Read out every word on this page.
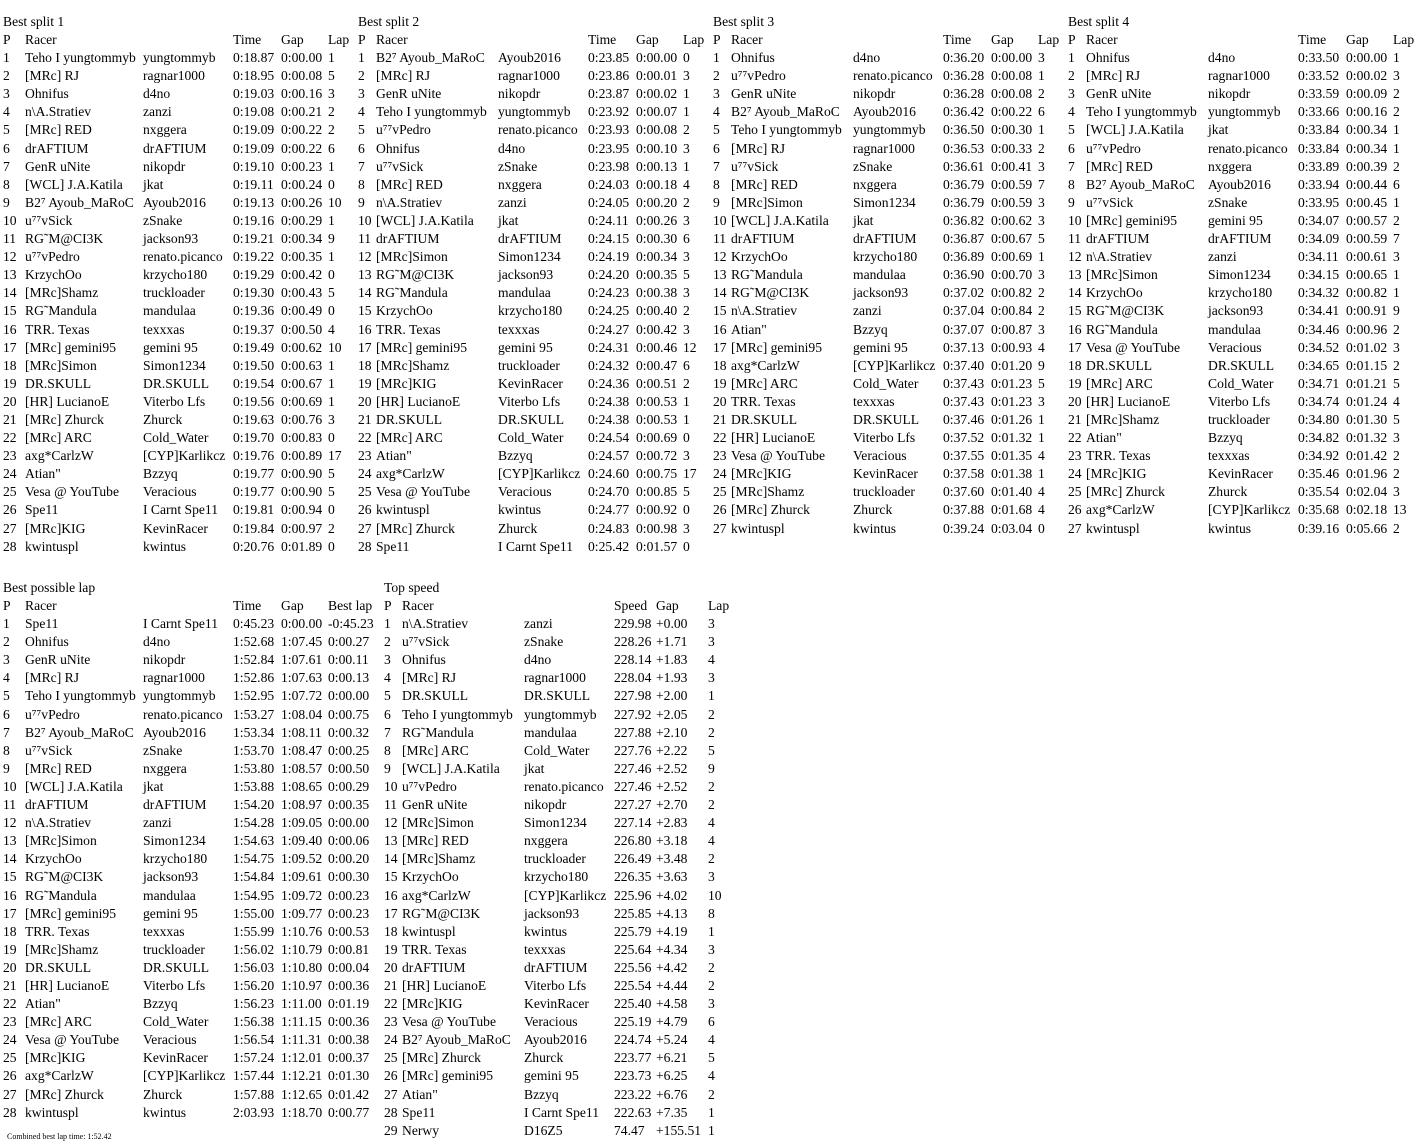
Best split 1
P	Racer		Time	Gap	Lap
1	Teho I yungtommyb	yungtommyb	0:18.87	0:00.00	1
2	[MRc] RJ	ragnar1000	0:18.95	0:00.08	5
3	Ohnifus	d4no	0:19.03	0:00.16	3
4	n\A.Stratiev	zanzi	0:19.08	0:00.21	2
5	[MRc] RED	nxggera	0:19.09	0:00.22	2
6	drAFTIUM	drAFTIUM	0:19.09	0:00.22	6
7	GenR uNite	nikopdr	0:19.10	0:00.23	1
8	[WCL] J.A.Katila	jkat	0:19.11	0:00.24	0
9	B2⁷ Ayoub_MaRoC	Ayoub2016	0:19.13	0:00.26	10
10	u⁷⁷vSick	zSnake	0:19.16	0:00.29	1
11	RG˜M@CI3K	jackson93	0:19.21	0:00.34	9
12	u⁷⁷vPedro	renato.picanco	0:19.22	0:00.35	1
13	KrzychOo	krzycho180	0:19.29	0:00.42	0
14	[MRc]Shamz	truckloader	0:19.30	0:00.43	5
15	RG˜Mandula	mandulaa	0:19.36	0:00.49	0
16	TRR. Texas	texxxas	0:19.37	0:00.50	4
17	[MRc] gemini95	gemini 95	0:19.49	0:00.62	10
18	[MRc]Simon	Simon1234	0:19.50	0:00.63	1
19	DR.SKULL	DR.SKULL	0:19.54	0:00.67	1
20	[HR] LucianoE	Viterbo Lfs	0:19.56	0:00.69	1
21	[MRc] Zhurck	Zhurck	0:19.63	0:00.76	3
22	[MRc] ARC	Cold_Water	0:19.70	0:00.83	0
23	axg*CarlzW	[CYP]Karlikcz	0:19.76	0:00.89	17
24	Atian"	Bzzyq	0:19.77	0:00.90	5
25	Vesa @ YouTube	Veracious	0:19.77	0:00.90	5
26	Spe11	I Carnt Spe11	0:19.81	0:00.94	0
27	[MRc]KIG	KevinRacer	0:19.84	0:00.97	2
28	kwintuspl	kwintus	0:20.76	0:01.89	0
Best split 2
P	Racer		Time	Gap	Lap
1	B2⁷ Ayoub_MaRoC	Ayoub2016	0:23.85	0:00.00	0
2	[MRc] RJ	ragnar1000	0:23.86	0:00.01	3
3	GenR uNite	nikopdr	0:23.87	0:00.02	1
4	Teho I yungtommyb	yungtommyb	0:23.92	0:00.07	1
5	u⁷⁷vPedro	renato.picanco	0:23.93	0:00.08	2
6	Ohnifus	d4no	0:23.95	0:00.10	3
7	u⁷⁷vSick	zSnake	0:23.98	0:00.13	1
8	[MRc] RED	nxggera	0:24.03	0:00.18	4
9	n\A.Stratiev	zanzi	0:24.05	0:00.20	2
10	[WCL] J.A.Katila	jkat	0:24.11	0:00.26	3
11	drAFTIUM	drAFTIUM	0:24.15	0:00.30	6
12	[MRc]Simon	Simon1234	0:24.19	0:00.34	3
13	RG˜M@CI3K	jackson93	0:24.20	0:00.35	5
14	RG˜Mandula	mandulaa	0:24.23	0:00.38	3
15	KrzychOo	krzycho180	0:24.25	0:00.40	2
16	TRR. Texas	texxxas	0:24.27	0:00.42	3
17	[MRc] gemini95	gemini 95	0:24.31	0:00.46	12
18	[MRc]Shamz	truckloader	0:24.32	0:00.47	6
19	[MRc]KIG	KevinRacer	0:24.36	0:00.51	2
20	[HR] LucianoE	Viterbo Lfs	0:24.38	0:00.53	1
21	DR.SKULL	DR.SKULL	0:24.38	0:00.53	1
22	[MRc] ARC	Cold_Water	0:24.54	0:00.69	0
23	Atian"	Bzzyq	0:24.57	0:00.72	3
24	axg*CarlzW	[CYP]Karlikcz	0:24.60	0:00.75	17
25	Vesa @ YouTube	Veracious	0:24.70	0:00.85	5
26	kwintuspl	kwintus	0:24.77	0:00.92	0
27	[MRc] Zhurck	Zhurck	0:24.83	0:00.98	3
28	Spe11	I Carnt Spe11	0:25.42	0:01.57	0
Best split 3
P	Racer		Time	Gap	Lap
1	Ohnifus	d4no	0:36.20	0:00.00	3
2	u⁷⁷vPedro	renato.picanco	0:36.28	0:00.08	1
3	GenR uNite	nikopdr	0:36.28	0:00.08	2
4	B2⁷ Ayoub_MaRoC	Ayoub2016	0:36.42	0:00.22	6
5	Teho I yungtommyb	yungtommyb	0:36.50	0:00.30	1
6	[MRc] RJ	ragnar1000	0:36.53	0:00.33	2
7	u⁷⁷vSick	zSnake	0:36.61	0:00.41	3
8	[MRc] RED	nxggera	0:36.79	0:00.59	7
9	[MRc]Simon	Simon1234	0:36.79	0:00.59	3
10	[WCL] J.A.Katila	jkat	0:36.82	0:00.62	3
11	drAFTIUM	drAFTIUM	0:36.87	0:00.67	5
12	KrzychOo	krzycho180	0:36.89	0:00.69	1
13	RG˜Mandula	mandulaa	0:36.90	0:00.70	3
14	RG˜M@CI3K	jackson93	0:37.02	0:00.82	2
15	n\A.Stratiev	zanzi	0:37.04	0:00.84	2
16	Atian"	Bzzyq	0:37.07	0:00.87	3
17	[MRc] gemini95	gemini 95	0:37.13	0:00.93	4
18	axg*CarlzW	[CYP]Karlikcz	0:37.40	0:01.20	9
19	[MRc] ARC	Cold_Water	0:37.43	0:01.23	5
20	TRR. Texas	texxxas	0:37.43	0:01.23	3
21	DR.SKULL	DR.SKULL	0:37.46	0:01.26	1
22	[HR] LucianoE	Viterbo Lfs	0:37.52	0:01.32	1
23	Vesa @ YouTube	Veracious	0:37.55	0:01.35	4
24	[MRc]KIG	KevinRacer	0:37.58	0:01.38	1
25	[MRc]Shamz	truckloader	0:37.60	0:01.40	4
26	[MRc] Zhurck	Zhurck	0:37.88	0:01.68	4
27	kwintuspl	kwintus	0:39.24	0:03.04	0
Best split 4
P	Racer		Time	Gap	Lap
1	Ohnifus	d4no	0:33.50	0:00.00	1
2	[MRc] RJ	ragnar1000	0:33.52	0:00.02	3
3	GenR uNite	nikopdr	0:33.59	0:00.09	2
4	Teho I yungtommyb	yungtommyb	0:33.66	0:00.16	2
5	[WCL] J.A.Katila	jkat	0:33.84	0:00.34	1
6	u⁷⁷vPedro	renato.picanco	0:33.84	0:00.34	1
7	[MRc] RED	nxggera	0:33.89	0:00.39	2
8	B2⁷ Ayoub_MaRoC	Ayoub2016	0:33.94	0:00.44	6
9	u⁷⁷vSick	zSnake	0:33.95	0:00.45	1
10	[MRc] gemini95	gemini 95	0:34.07	0:00.57	2
11	drAFTIUM	drAFTIUM	0:34.09	0:00.59	7
12	n\A.Stratiev	zanzi	0:34.11	0:00.61	3
13	[MRc]Simon	Simon1234	0:34.15	0:00.65	1
14	KrzychOo	krzycho180	0:34.32	0:00.82	1
15	RG˜M@CI3K	jackson93	0:34.41	0:00.91	9
16	RG˜Mandula	mandulaa	0:34.46	0:00.96	2
17	Vesa @ YouTube	Veracious	0:34.52	0:01.02	3
18	DR.SKULL	DR.SKULL	0:34.65	0:01.15	2
19	[MRc] ARC	Cold_Water	0:34.71	0:01.21	5
20	[HR] LucianoE	Viterbo Lfs	0:34.74	0:01.24	4
21	[MRc]Shamz	truckloader	0:34.80	0:01.30	5
22	Atian"	Bzzyq	0:34.82	0:01.32	3
23	TRR. Texas	texxxas	0:34.92	0:01.42	2
24	[MRc]KIG	KevinRacer	0:35.46	0:01.96	2
25	[MRc] Zhurck	Zhurck	0:35.54	0:02.04	3
26	axg*CarlzW	[CYP]Karlikcz	0:35.68	0:02.18	13
27	kwintuspl	kwintus	0:39.16	0:05.66	2
Best possible lap
P	Racer		Time	Gap	Best lap
1	Spe11	I Carnt Spe11	0:45.23	0:00.00	-0:45.23
2	Ohnifus	d4no	1:52.68	1:07.45	0:00.27
3	GenR uNite	nikopdr	1:52.84	1:07.61	0:00.11
4	[MRc] RJ	ragnar1000	1:52.86	1:07.63	0:00.13
5	Teho I yungtommyb	yungtommyb	1:52.95	1:07.72	0:00.00
6	u⁷⁷vPedro	renato.picanco	1:53.27	1:08.04	0:00.75
7	B2⁷ Ayoub_MaRoC	Ayoub2016	1:53.34	1:08.11	0:00.32
8	u⁷⁷vSick	zSnake	1:53.70	1:08.47	0:00.25
9	[MRc] RED	nxggera	1:53.80	1:08.57	0:00.50
10	[WCL] J.A.Katila	jkat	1:53.88	1:08.65	0:00.29
11	drAFTIUM	drAFTIUM	1:54.20	1:08.97	0:00.35
12	n\A.Stratiev	zanzi	1:54.28	1:09.05	0:00.00
13	[MRc]Simon	Simon1234	1:54.63	1:09.40	0:00.06
14	KrzychOo	krzycho180	1:54.75	1:09.52	0:00.20
15	RG˜M@CI3K	jackson93	1:54.84	1:09.61	0:00.30
16	RG˜Mandula	mandulaa	1:54.95	1:09.72	0:00.23
17	[MRc] gemini95	gemini 95	1:55.00	1:09.77	0:00.23
18	TRR. Texas	texxxas	1:55.99	1:10.76	0:00.53
19	[MRc]Shamz	truckloader	1:56.02	1:10.79	0:00.81
20	DR.SKULL	DR.SKULL	1:56.03	1:10.80	0:00.04
21	[HR] LucianoE	Viterbo Lfs	1:56.20	1:10.97	0:00.36
22	Atian"	Bzzyq	1:56.23	1:11.00	0:01.19
23	[MRc] ARC	Cold_Water	1:56.38	1:11.15	0:00.36
24	Vesa @ YouTube	Veracious	1:56.54	1:11.31	0:00.38
25	[MRc]KIG	KevinRacer	1:57.24	1:12.01	0:00.37
26	axg*CarlzW	[CYP]Karlikcz	1:57.44	1:12.21	0:01.30
27	[MRc] Zhurck	Zhurck	1:57.88	1:12.65	0:01.42
28	kwintuspl	kwintus	2:03.93	1:18.70	0:00.77
Combined best lap time: 1:52.42
Top speed
P	Racer		Speed	Gap	Lap
1	n\A.Stratiev	zanzi	229.98	+0.00	3
2	u⁷⁷vSick	zSnake	228.26	+1.71	3
3	Ohnifus	d4no	228.14	+1.83	4
4	[MRc] RJ	ragnar1000	228.04	+1.93	3
5	DR.SKULL	DR.SKULL	227.98	+2.00	1
6	Teho I yungtommyb	yungtommyb	227.92	+2.05	2
7	RG˜Mandula	mandulaa	227.88	+2.10	2
8	[MRc] ARC	Cold_Water	227.76	+2.22	5
9	[WCL] J.A.Katila	jkat	227.46	+2.52	9
10	u⁷⁷vPedro	renato.picanco	227.46	+2.52	2
11	GenR uNite	nikopdr	227.27	+2.70	2
12	[MRc]Simon	Simon1234	227.14	+2.83	4
13	[MRc] RED	nxggera	226.80	+3.18	4
14	[MRc]Shamz	truckloader	226.49	+3.48	2
15	KrzychOo	krzycho180	226.35	+3.63	3
16	axg*CarlzW	[CYP]Karlikcz	225.96	+4.02	10
17	RG˜M@CI3K	jackson93	225.85	+4.13	8
18	kwintuspl	kwintus	225.79	+4.19	1
19	TRR. Texas	texxxas	225.64	+4.34	3
20	drAFTIUM	drAFTIUM	225.56	+4.42	2
21	[HR] LucianoE	Viterbo Lfs	225.54	+4.44	2
22	[MRc]KIG	KevinRacer	225.40	+4.58	3
23	Vesa @ YouTube	Veracious	225.19	+4.79	6
24	B2⁷ Ayoub_MaRoC	Ayoub2016	224.74	+5.24	4
25	[MRc] Zhurck	Zhurck	223.77	+6.21	5
26	[MRc] gemini95	gemini 95	223.73	+6.25	4
27	Atian"	Bzzyq	223.22	+6.76	2
28	Spe11	I Carnt Spe11	222.63	+7.35	1
29	Nerwy	D16Z5	74.47	+155.51	1
